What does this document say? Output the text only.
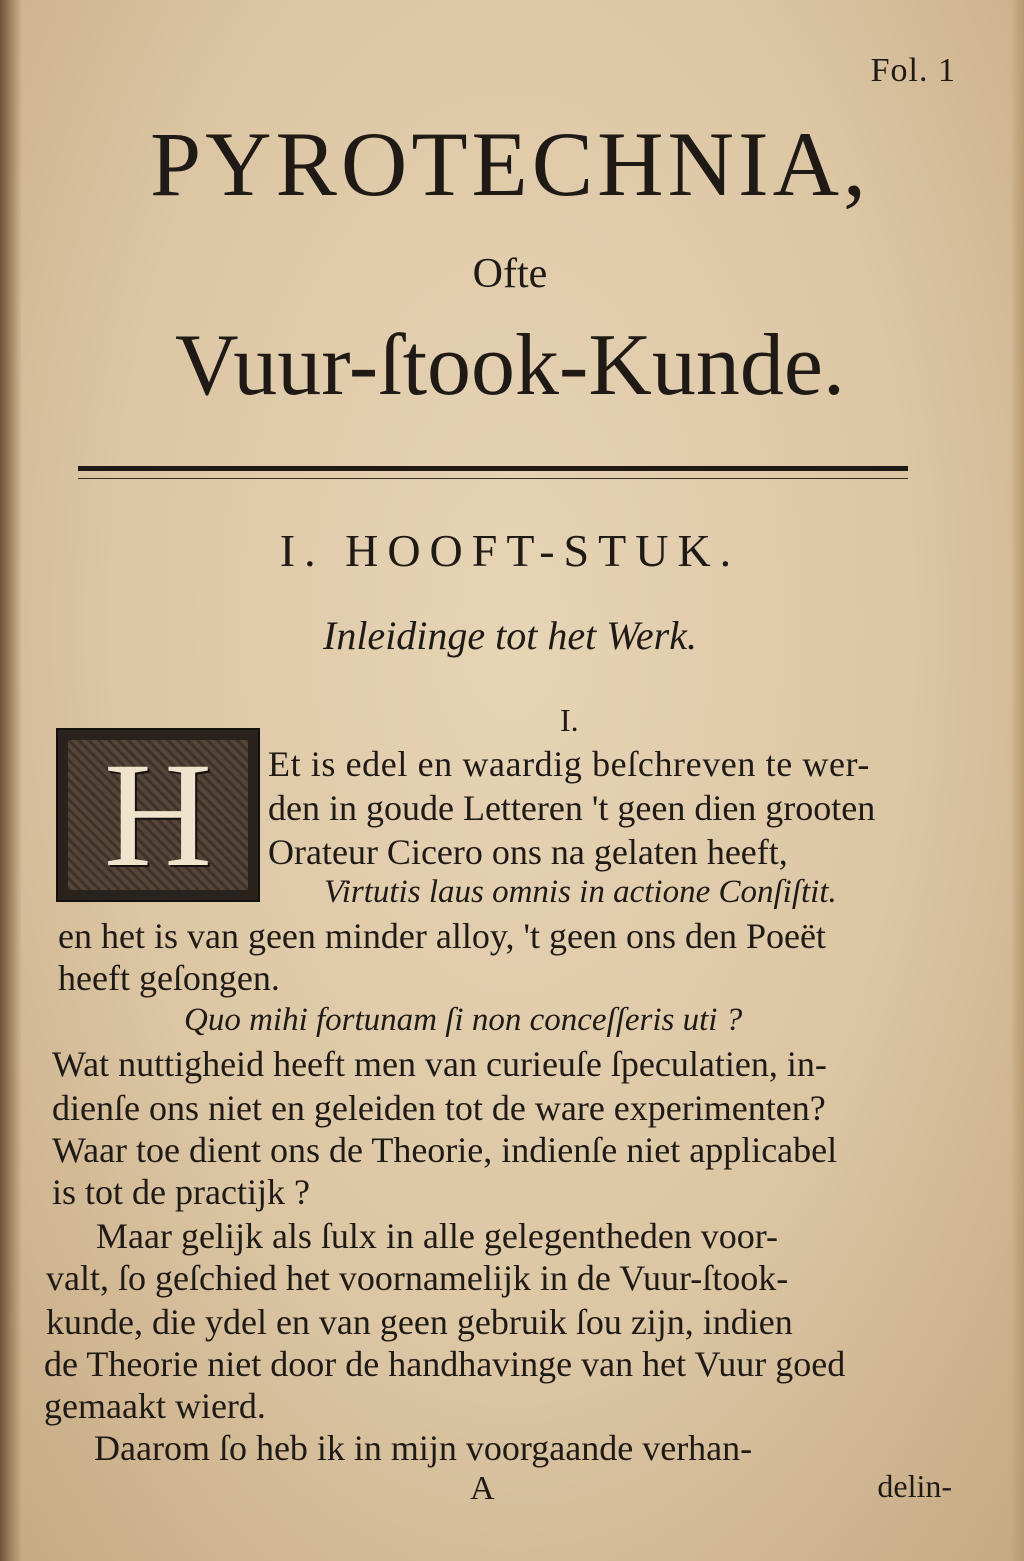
Fol. 1
PYROTECHNIA,
Ofte
Vuur-ſtook-Kunde.
I. HOOFT-STUK.
Inleidinge tot het Werk.
I.
H Et is edel en waardig beſchreven te wer-
den in goude Letteren 't geen dien grooten
Orateur Cicero ons na gelaten heeft,
Virtutis laus omnis in actione Conſiſtit.
en het is van geen minder alloy, 't geen ons den Poeët
heeft geſongen.
Quo mihi fortunam ſi non conceſſeris uti ?
Wat nuttigheid heeft men van curieuſe ſpeculatien, in-
dienſe ons niet en geleiden tot de ware experimenten?
Waar toe dient ons de Theorie, indienſe niet applicabel
is tot de practijk ?
Maar gelijk als ſulx in alle gelegentheden voor-
valt, ſo geſchied het voornamelijk in de Vuur-ſtook-
kunde, die ydel en van geen gebruik ſou zijn, indien
de Theorie niet door de handhavinge van het Vuur goed
gemaakt wierd.
Daarom ſo heb ik in mijn voorgaande verhan-
A	delin-
